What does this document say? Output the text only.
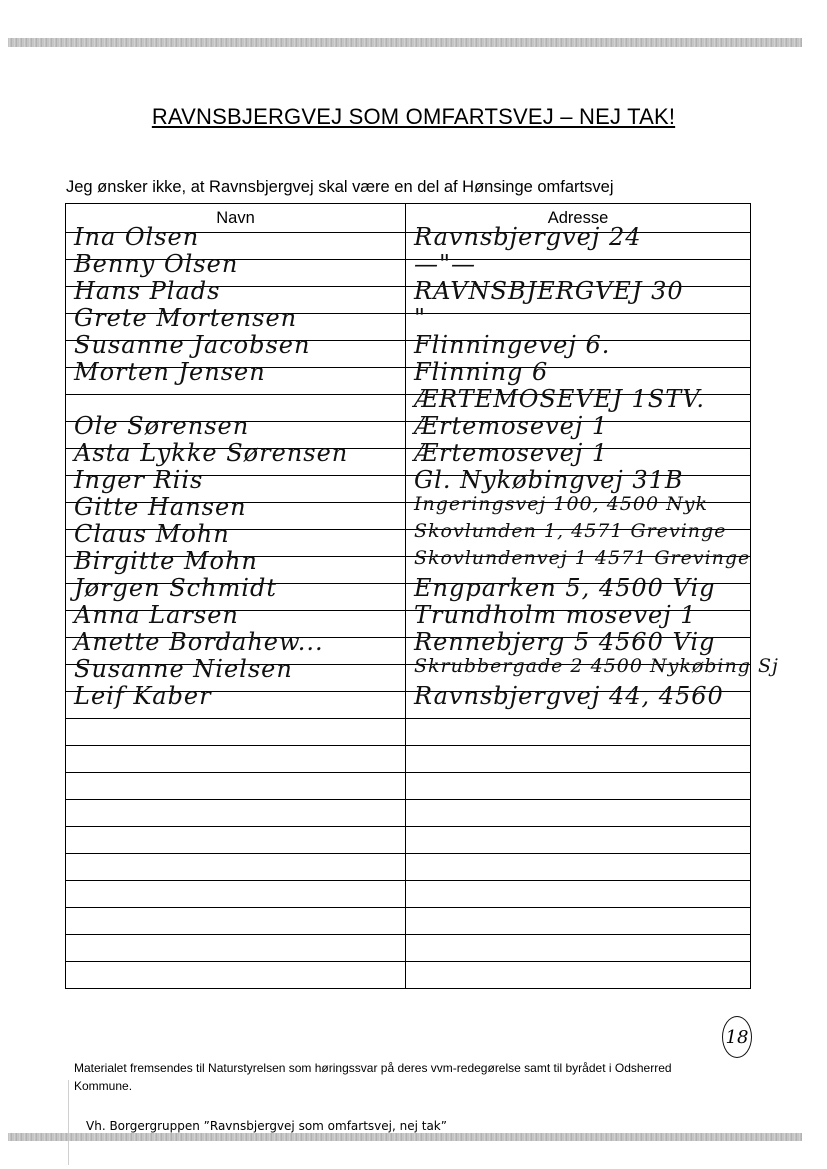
RAVNSBJERGVEJ SOM OMFARTSVEJ – NEJ TAK!
Jeg ønsker ikke, at Ravnsbjergvej skal være en del af Hønsinge omfartsvej
Navn	Adresse

Ina Olsen	Ravnsbjergvej 24

Benny Olsen	—"—

Hans Plads	RAVNSBJERGVEJ 30

Grete Mortensen	"

Susanne Jacobsen	Flinningevej 6.

Morten Jensen	Flinning 6

	ÆRTEMOSEVEJ 1STV.

Ole Sørensen	Ærtemosevej 1

Asta Lykke Sørensen	Ærtemosevej 1

Inger Riis	Gl. Nykøbingvej 31B

Gitte Hansen	Ingeringsvej 100, 4500 Nyk

Claus Mohn	Skovlunden 1, 4571 Grevinge

Birgitte Mohn	Skovlundenvej 1 4571 Grevinge

Jørgen Schmidt	Engparken 5, 4500 Vig

Anna Larsen	Trundholm mosevej 1

Anette Bordahew...	Rennebjerg 5 4560 Vig

Susanne Nielsen	Skrubbergade 2 4500 Nykøbing Sj

Leif Kaber	Ravnsbjergvej 44, 4560

18
Materialet fremsendes til Naturstyrelsen som høringssvar på deres vvm-redegørelse samt til byrådet i Odsherred Kommune.
Vh. Borgergruppen ”Ravnsbjergvej som omfartsvej, nej tak”
